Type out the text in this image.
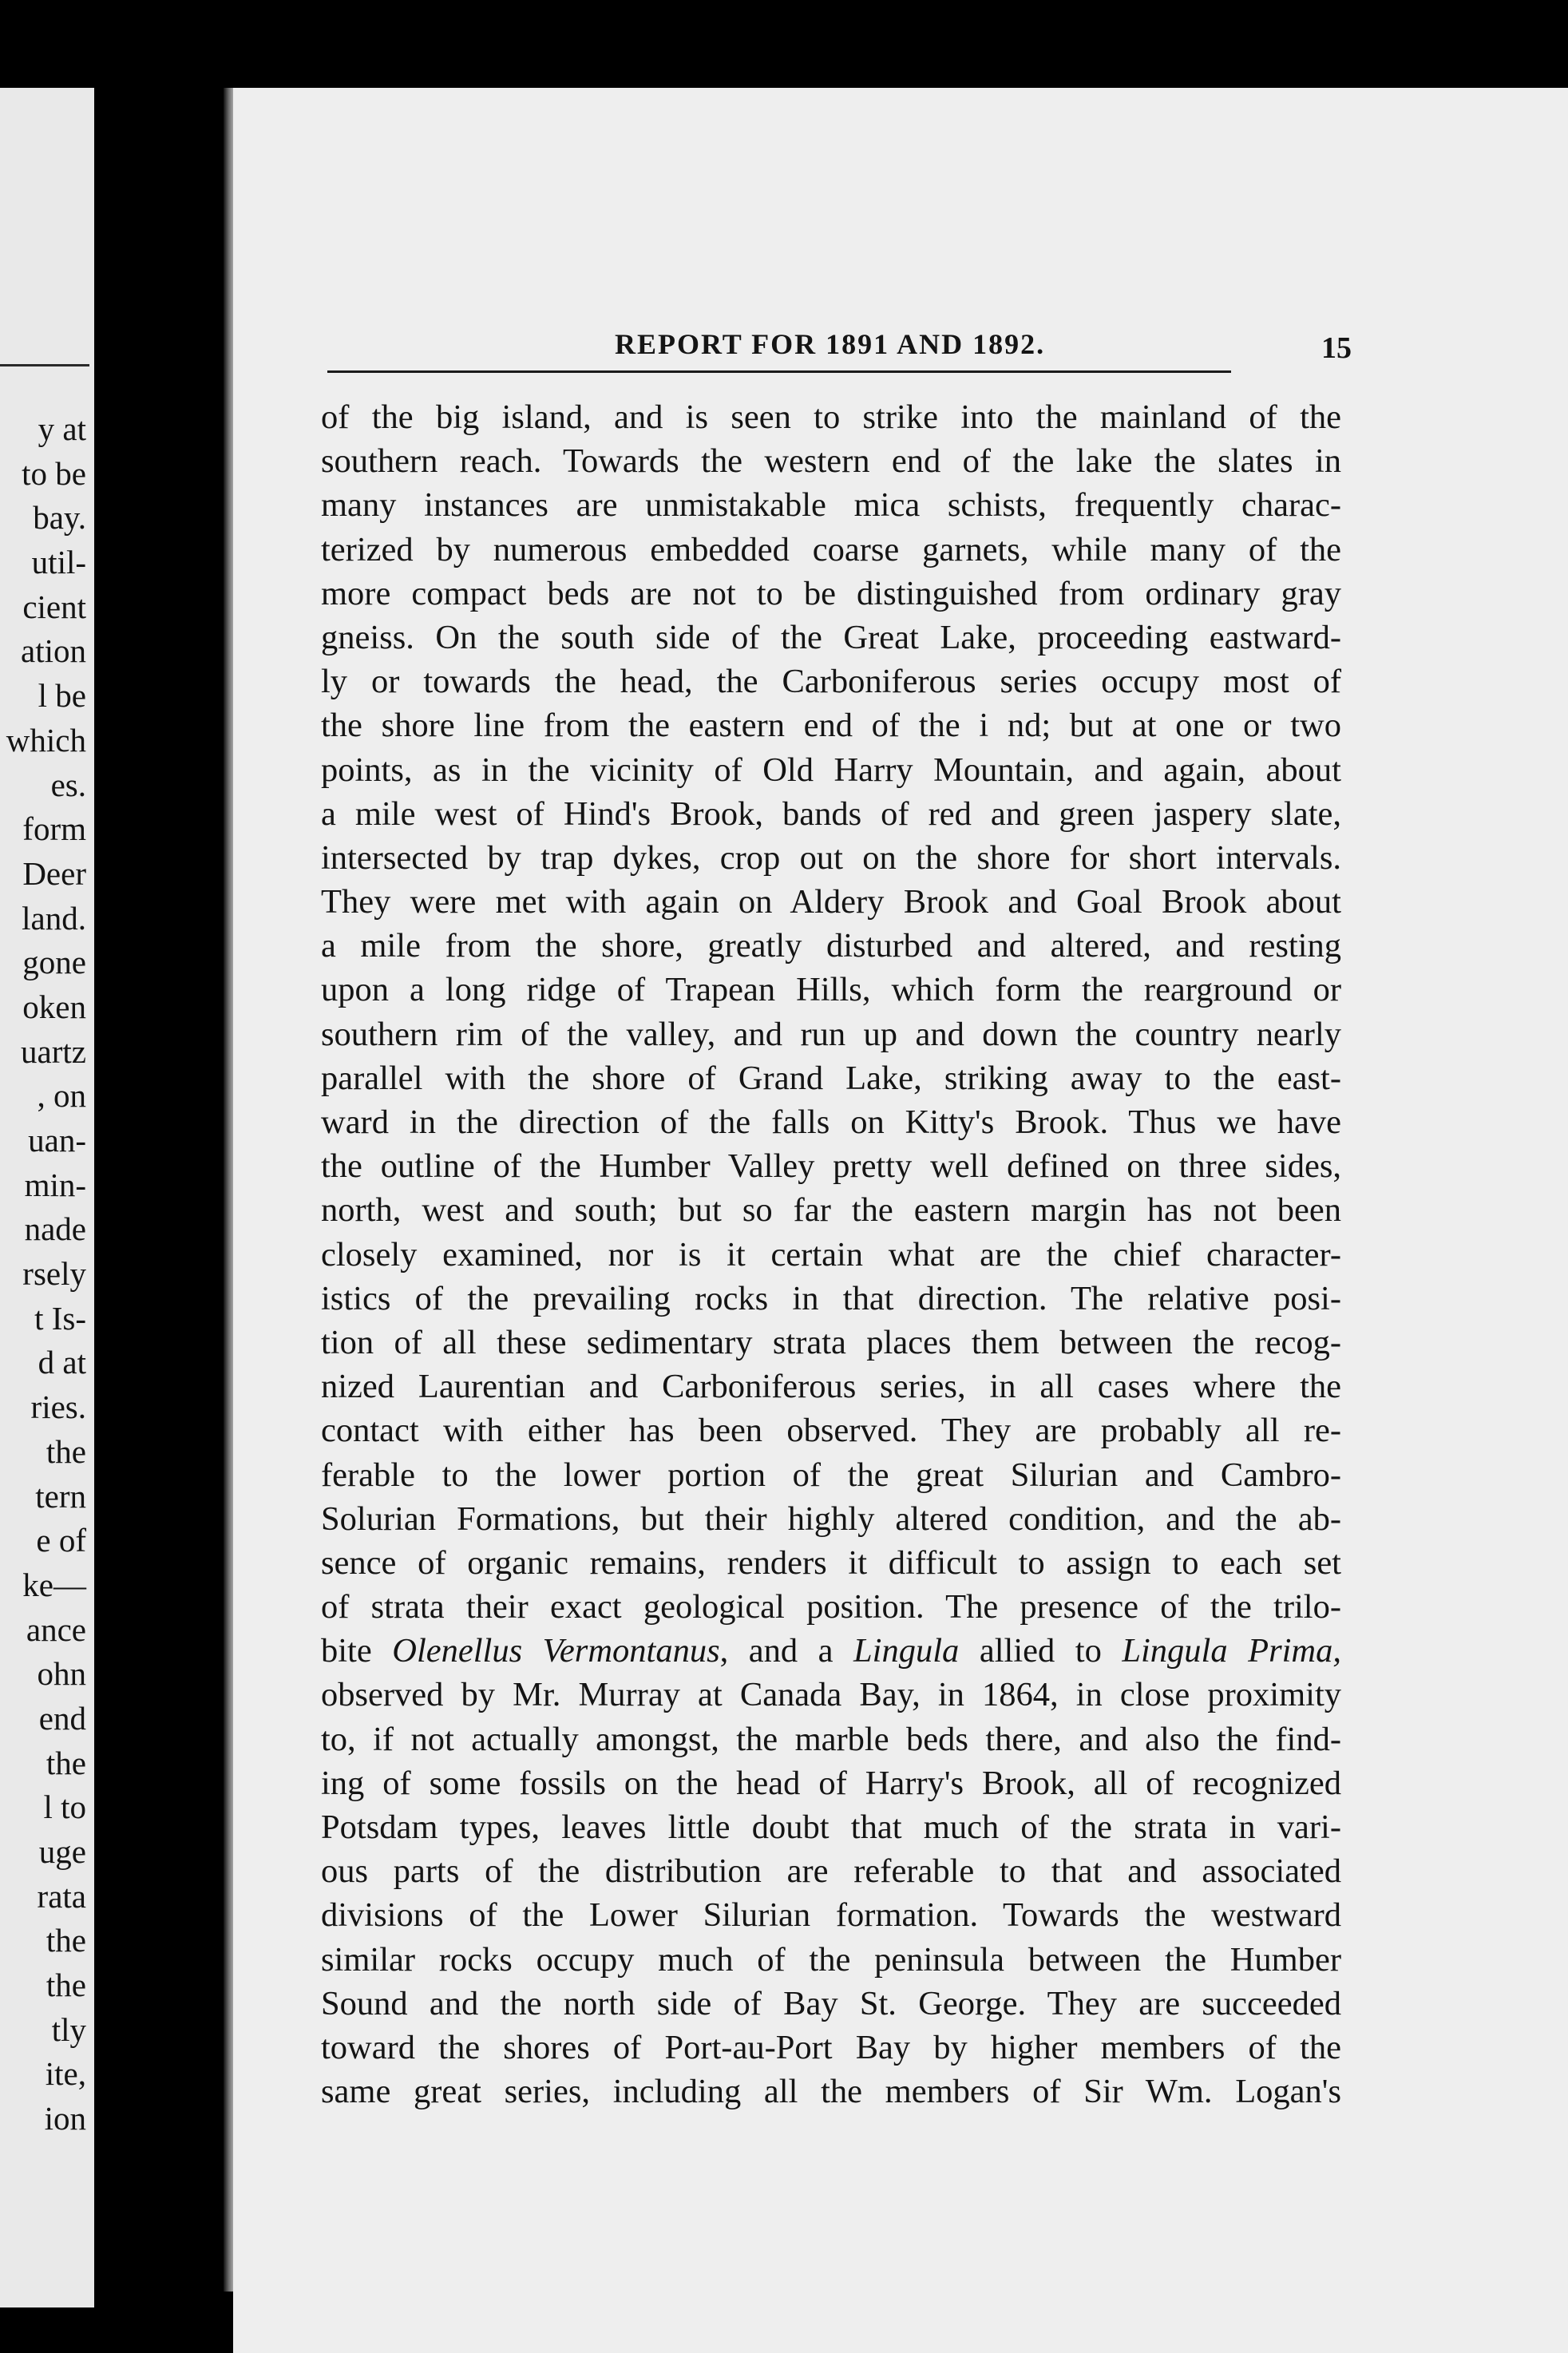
y at
to be
bay.
util-
cient
ation
l be
which
es.
form
Deer
land.
gone
oken
uartz
, on
uan-
min-
nade
rsely
t Is-
d at
ries.
the
tern
e of
ke—
ance
ohn
end
the
l to
uge
rata
the
the
tly
ite,
ion
REPORT FOR 1891 AND 1892.	15
of the big island, and is seen to strike into the mainland of the
southern reach. Towards the western end of the lake the slates in
many instances are unmistakable mica schists, frequently charac-
terized by numerous embedded coarse garnets, while many of the
more compact beds are not to be distinguished from ordinary gray
gneiss. On the south side of the Great Lake, proceeding eastward-
ly or towards the head, the Carboniferous series occupy most of
the shore line from the eastern end of the i nd; but at one or two
points, as in the vicinity of Old Harry Mountain, and again, about
a mile west of Hind's Brook, bands of red and green jaspery slate,
intersected by trap dykes, crop out on the shore for short intervals.
They were met with again on Aldery Brook and Goal Brook about
a mile from the shore, greatly disturbed and altered, and resting
upon a long ridge of Trapean Hills, which form the rearground or
southern rim of the valley, and run up and down the country nearly
parallel with the shore of Grand Lake, striking away to the east-
ward in the direction of the falls on Kitty's Brook. Thus we have
the outline of the Humber Valley pretty well defined on three sides,
north, west and south; but so far the eastern margin has not been
closely examined, nor is it certain what are the chief character-
istics of the prevailing rocks in that direction. The relative posi-
tion of all these sedimentary strata places them between the recog-
nized Laurentian and Carboniferous series, in all cases where the
contact with either has been observed. They are probably all re-
ferable to the lower portion of the great Silurian and Cambro-
Solurian Formations, but their highly altered condition, and the ab-
sence of organic remains, renders it difficult to assign to each set
of strata their exact geological position. The presence of the trilo-
bite Olenellus Vermontanus, and a Lingula allied to Lingula Prima,
observed by Mr. Murray at Canada Bay, in 1864, in close proximity
to, if not actually amongst, the marble beds there, and also the find-
ing of some fossils on the head of Harry's Brook, all of recognized
Potsdam types, leaves little doubt that much of the strata in vari-
ous parts of the distribution are referable to that and associated
divisions of the Lower Silurian formation. Towards the westward
similar rocks occupy much of the peninsula between the Humber
Sound and the north side of Bay St. George. They are succeeded
toward the shores of Port-au-Port Bay by higher members of the
same great series, including all the members of Sir Wm. Logan's
